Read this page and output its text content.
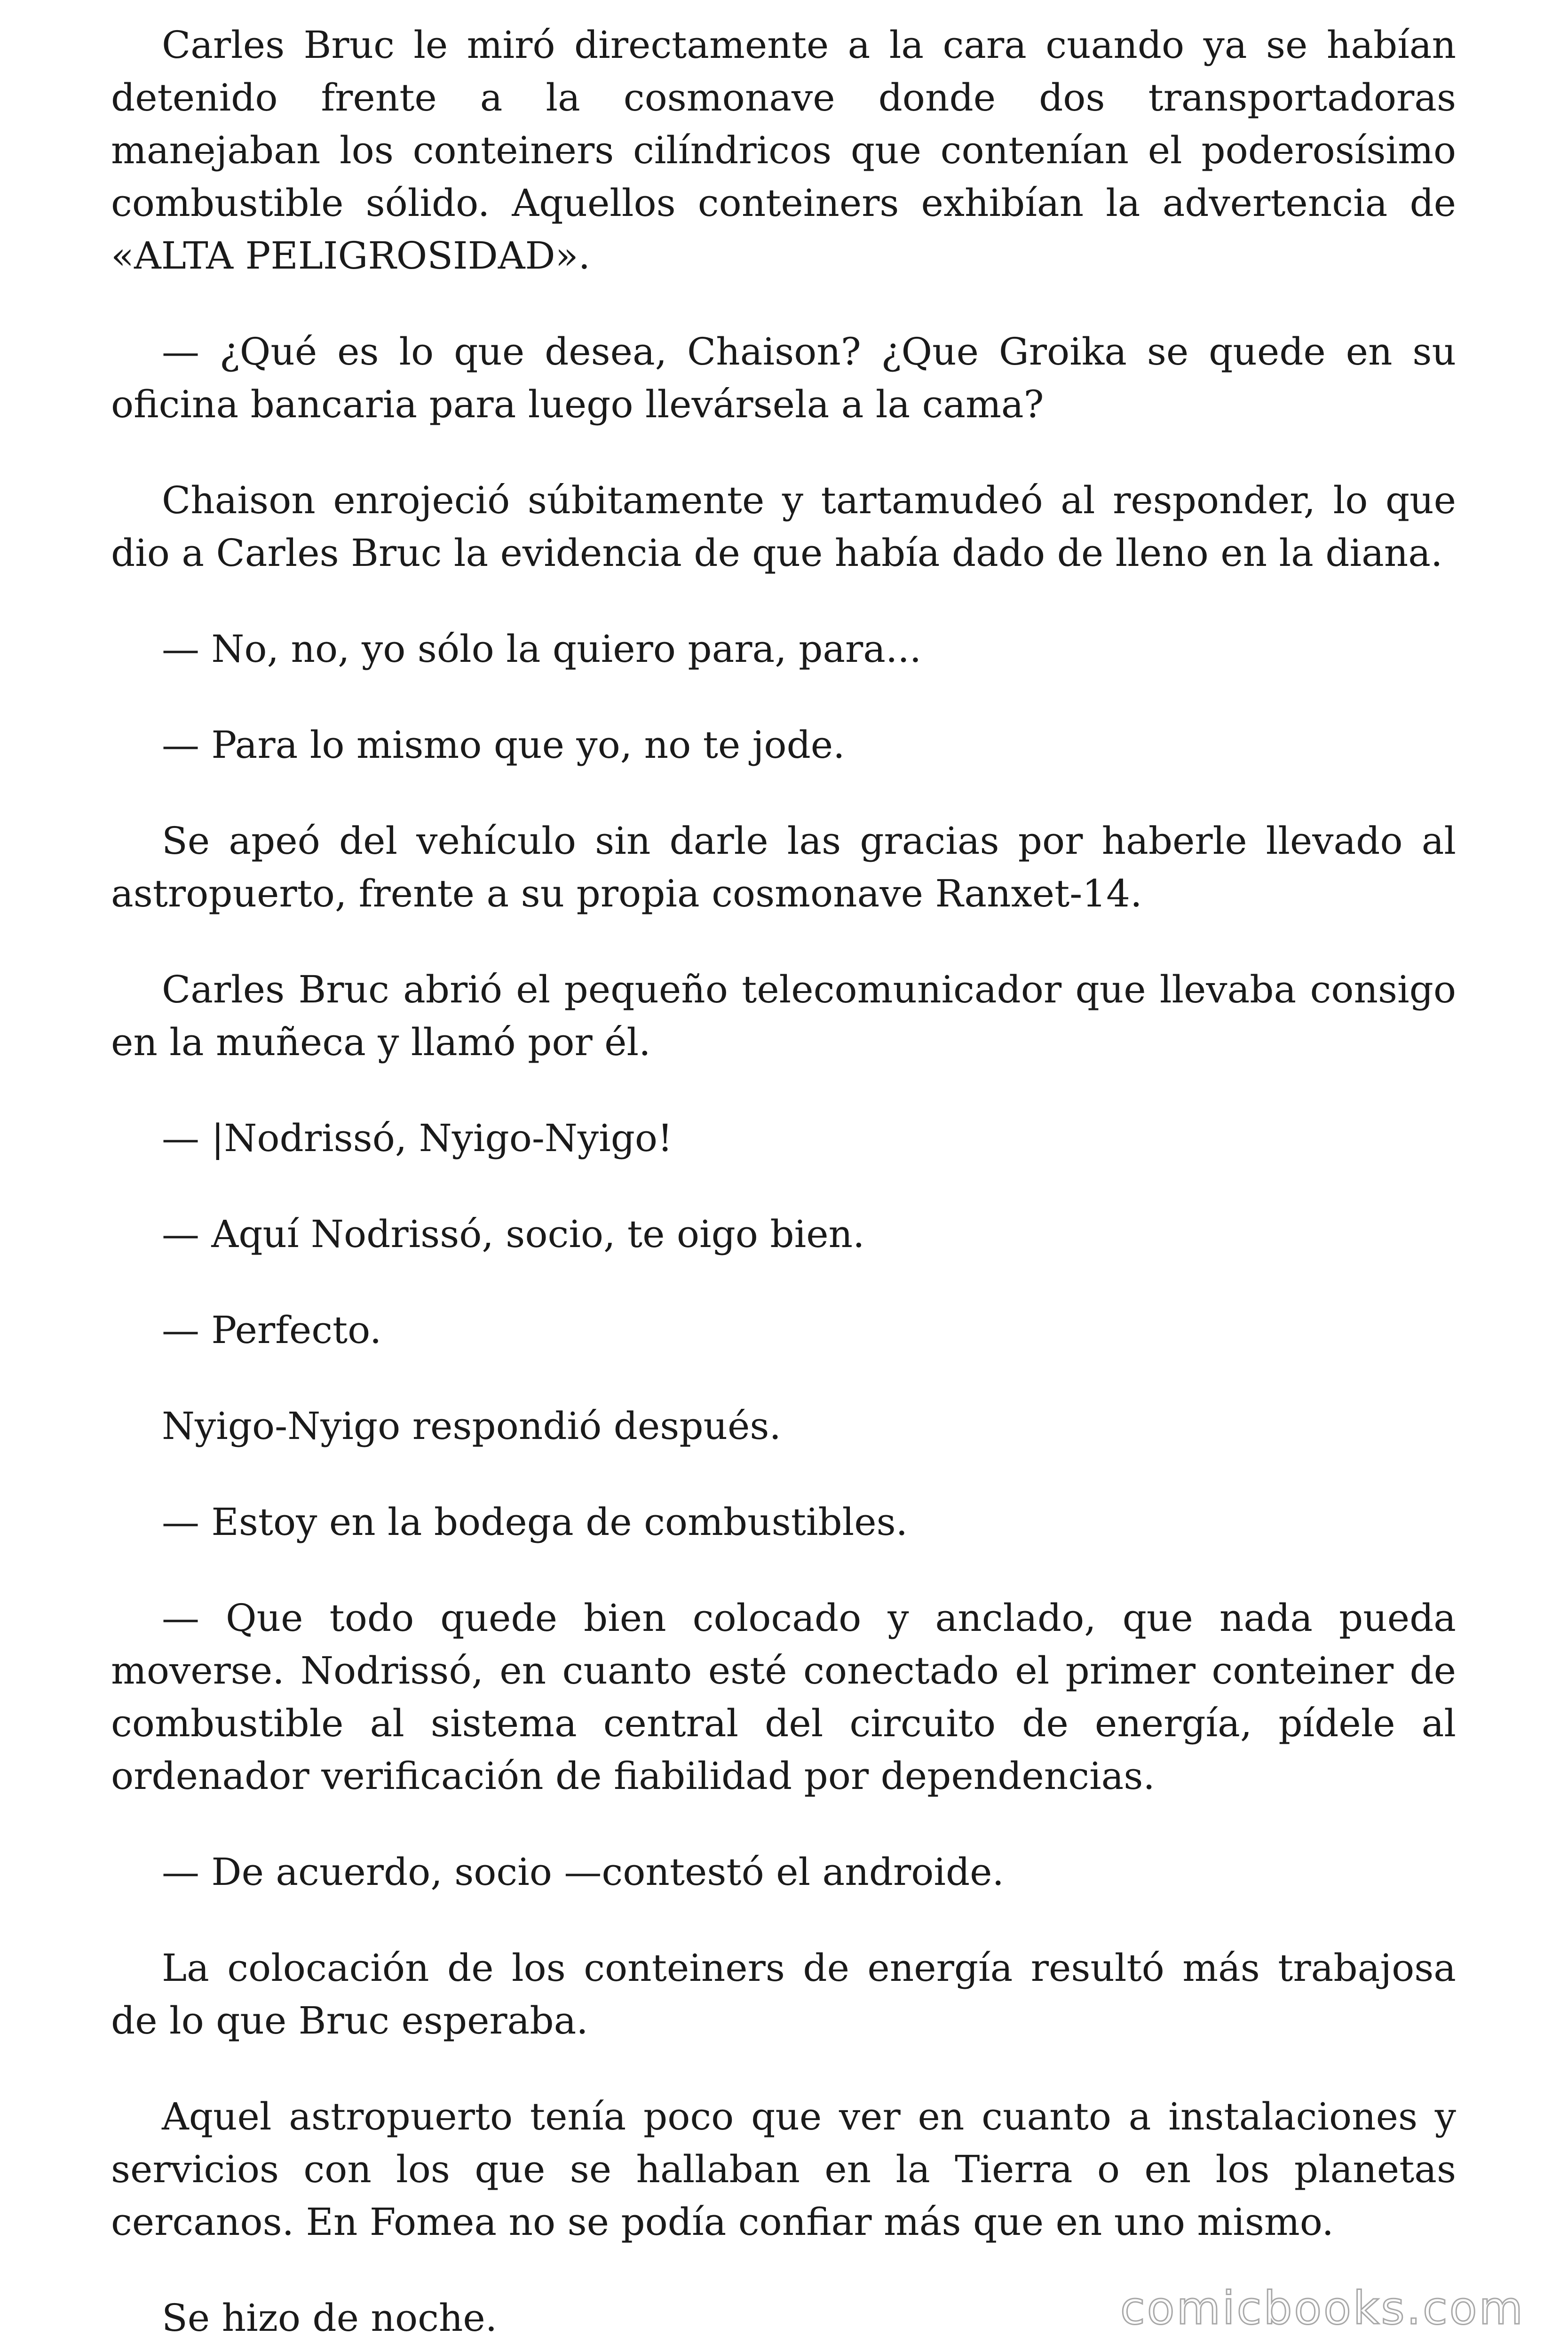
Carles Bruc le miró directamente a la cara cuando ya se habían detenido frente a la cosmonave donde dos transportadoras manejaban los conteiners cilíndricos que contenían el poderosísimo combustible sólido. Aquellos conteiners exhibían la advertencia de «ALTA PELIGROSIDAD».

— ¿Qué es lo que desea, Chaison? ¿Que Groika se quede en su oficina bancaria para luego llevársela a la cama?

Chaison enrojeció súbitamente y tartamudeó al responder, lo que dio a Carles Bruc la evidencia de que había dado de lleno en la diana.

— No, no, yo sólo la quiero para, para...

— Para lo mismo que yo, no te jode.

Se apeó del vehículo sin darle las gracias por haberle llevado al astropuerto, frente a su propia cosmonave Ranxet-14.

Carles Bruc abrió el pequeño telecomunicador que llevaba consigo en la muñeca y llamó por él.

— |Nodrissó, Nyigo-Nyigo!

— Aquí Nodrissó, socio, te oigo bien.

— Perfecto.

Nyigo-Nyigo respondió después.

— Estoy en la bodega de combustibles.

— Que todo quede bien colocado y anclado, que nada pueda moverse. Nodrissó, en cuanto esté conectado el primer conteiner de combustible al sistema central del circuito de energía, pídele al ordenador verificación de fiabilidad por dependencias.

— De acuerdo, socio —contestó el androide.

La colocación de los conteiners de energía resultó más trabajosa de lo que Bruc esperaba.

Aquel astropuerto tenía poco que ver en cuanto a instalaciones y servicios con los que se hallaban en la Tierra o en los planetas cercanos. En Fomea no se podía confiar más que en uno mismo.

Se hizo de noche.	comicbooks.com
